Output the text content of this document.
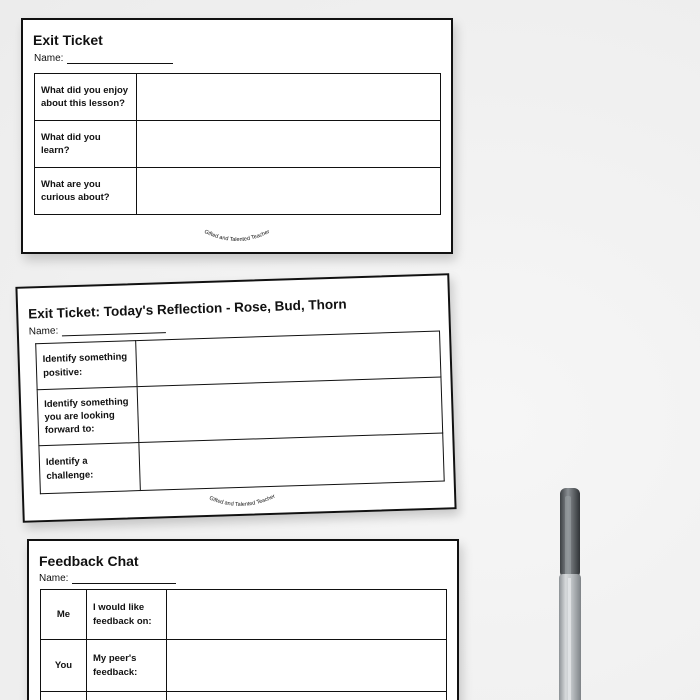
Exit Ticket
Name:
What did you enjoy about this lesson?	
What did you learn?	
What are you curious about?	
Gifted and Talented Teacher
Exit Ticket: Today's Reflection - Rose, Bud, Thorn
Name:
Identify something positive:	
Identify something you are looking forward to:	
Identify a challenge:	
Gifted and Talented Teacher
Feedback Chat
Name:
Me	I would like feedback on:	
You	My peer's feedback:	
